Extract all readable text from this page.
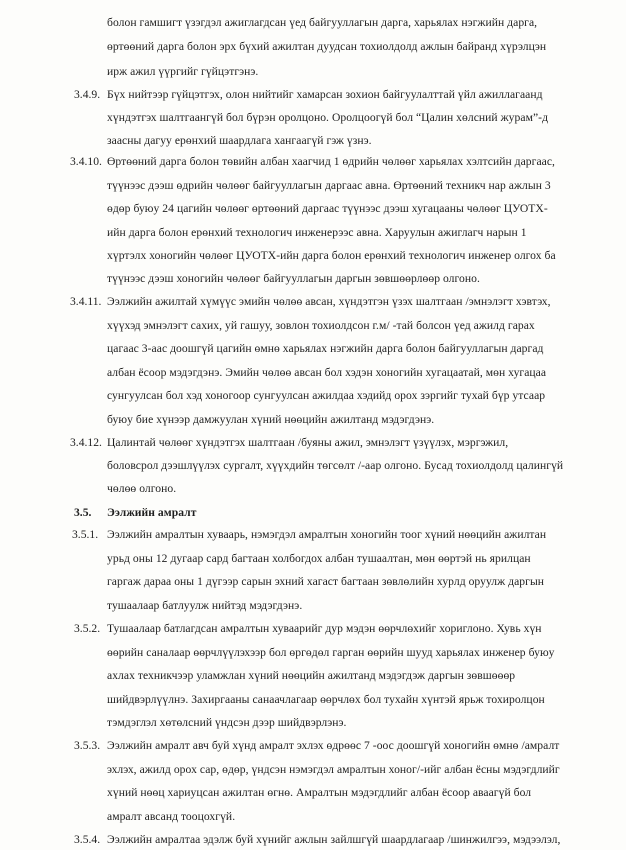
болон гамшигт үзэгдэл ажиглагдсан үед байгууллагын дарга, харьялах нэгжийн дарга,
өртөөний дарга болон эрх бүхий ажилтан дуудсан тохиолдолд ажлын байранд хүрэлцэн
ирж ажил үүргийг гүйцэтгэнэ.
3.4.9. Бүх нийтээр гүйцэтгэх, олон нийтийг хамарсан зохион байгуулалттай үйл ажиллагаанд
хүндэтгэх шалтгаангүй бол бүрэн оролцоно. Оролцоогүй бол “Цалин хөлсний журам”-д
заасны дагуу ерөнхий шаардлага хангаагүй гэж үзнэ.
3.4.10. Өртөөний дарга болон төвийн албан хаагчид 1 өдрийн чөлөөг харьялах хэлтсийн даргаас,
түүнээс дээш өдрийн чөлөөг байгууллагын даргаас авна. Өртөөний техникч нар ажлын 3
өдөр буюу 24 цагийн чөлөөг өртөөний даргаас түүнээс дээш хугацааны чөлөөг ЦУОТХ-
ийн дарга болон ерөнхий технологич инженерээс авна. Харуулын ажиглагч нарын 1
хүртэлх хоногийн чөлөөг ЦУОТХ-ийн дарга болон ерөнхий технологич инженер олгох ба
түүнээс дээш хоногийн чөлөөг байгууллагын даргын зөвшөөрлөөр олгоно.
3.4.11. Ээлжийн ажилтай хүмүүс эмийн чөлөө авсан, хүндэтгэн үзэх шалтгаан /эмнэлэгт хэвтэх,
хүүхэд эмнэлэгт сахих, уй гашуу, зовлон тохиолдсон г.м/ -тай болсон үед ажилд гарах
цагаас 3-аас доошгүй цагийн өмнө харьялах нэгжийн дарга болон байгууллагын даргад
албан ёсоор мэдэгдэнэ. Эмийн чөлөө авсан бол хэдэн хоногийн хугацаатай, мөн хугацаа
сунгуулсан бол хэд хоногоор сунгуулсан ажилдаа хэдийд орох зэргийг тухай бүр утсаар
буюу бие хүнээр дамжуулан хүний нөөцийн ажилтанд мэдэгдэнэ.
3.4.12. Цалинтай чөлөөг хүндэтгэх шалтгаан /буяны ажил, эмнэлэгт үзүүлэх, мэргэжил,
боловсрол дээшлүүлэх сургалт, хүүхдийн төгсөлт /-аар олгоно. Бусад тохиолдолд цалингүй
чөлөө олгоно.
3.5. Ээлжийн амралт
3.5.1. Ээлжийн амралтын хуваарь, нэмэгдэл амралтын хоногийн тоог хүний нөөцийн ажилтан
урьд оны 12 дугаар сард багтаан холбогдох албан тушаалтан, мөн өөртэй нь ярилцан
гаргаж дараа оны 1 дүгээр сарын эхний хагаст багтаан зөвлөлийн хурлд оруулж даргын
тушаалаар батлуулж нийтэд мэдэгдэнэ.
3.5.2. Тушаалаар батлагдсан амралтын хуваарийг дур мэдэн өөрчлөхийг хориглоно. Хувь хүн
өөрийн саналаар өөрчлүүлэхээр бол өргөдөл гарган өөрийн шууд харьялах инженер буюу
ахлах техникчээр уламжлан хүний нөөцийн ажилтанд мэдэгдэж даргын зөвшөөөр
шийдвэрлүүлнэ. Захиргааны санаачлагаар өөрчлөх бол тухайн хүнтэй ярьж тохиролцон
тэмдэглэл хөтөлсний үндсэн дээр шийдвэрлэнэ.
3.5.3. Ээлжийн амралт авч буй хүнд амралт эхлэх өдрөөс 7 -оос доошгүй хоногийн өмнө /амралт
эхлэх, ажилд орох сар, өдөр, үндсэн нэмэгдэл амралтын хоног/-ийг албан ёсны мэдэгдлийг
хүний нөөц хариуцсан ажилтан өгнө. Амралтын мэдэгдлийг албан ёсоор аваагүй бол
амралт авсанд тооцохгүй.
3.5.4. Ээлжийн амралтаа эдэлж буй хүнийг ажлын зайлшгүй шаардлагаар /шинжилгээ, мэдээлэл,
